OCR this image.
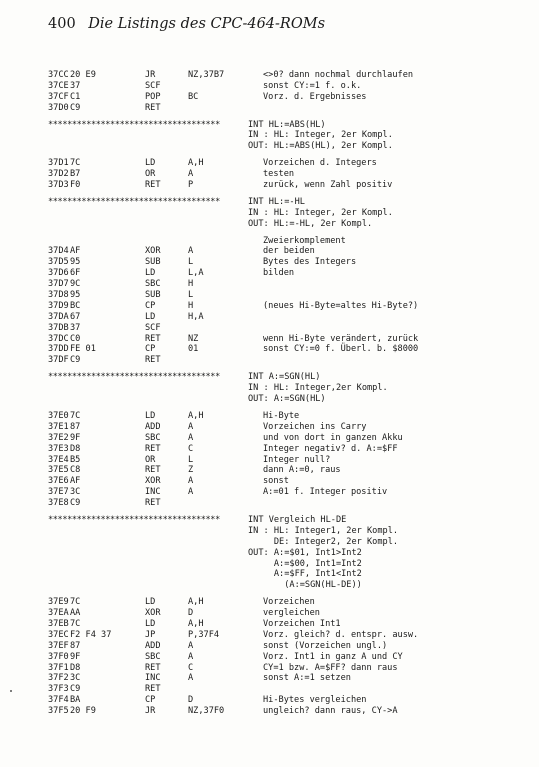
400 Die Listings des CPC-464-ROMs
37CC 20 E9	JR	NZ,37B7	<>0? dann nochmal durchlaufen
37CE 37	SCF	sonst CY:=1 f. o.k.
37CF C1	POP	BC	Vorz. d. Ergebnisses
37D0 C9	RET
************************************	INT HL:=ABS(HL)
IN : HL: Integer, 2er Kompl.
OUT: HL:=ABS(HL), 2er Kompl.
37D1 7C	LD	A,H	Vorzeichen d. Integers
37D2 B7	OR	A	testen
37D3 F0	RET	P	zurück, wenn Zahl positiv
************************************	INT HL:=-HL
IN : HL: Integer, 2er Kompl.
OUT: HL:=-HL, 2er Kompl.
Zweierkomplement
37D4 AF	XOR	A	der beiden
37D5 95	SUB	L	Bytes des Integers
37D6 6F	LD	L,A	bilden
37D7 9C	SBC	H
37D8 95	SUB	L
37D9 BC	CP	H	(neues Hi-Byte=altes Hi-Byte?)
37DA 67	LD	H,A
37DB 37	SCF
37DC C0	RET	NZ	wenn Hi-Byte verändert, zurück
37DD FE 01	CP	01	sonst CY:=0 f. Überl. b. $8000
37DF C9	RET
************************************	INT A:=SGN(HL)
IN : HL: Integer,2er Kompl.
OUT: A:=SGN(HL)
37E0 7C	LD	A,H	Hi-Byte
37E1 87	ADD	A	Vorzeichen ins Carry
37E2 9F	SBC	A	und von dort in ganzen Akku
37E3 D8	RET	C	Integer negativ? d. A:=$FF
37E4 B5	OR	L	Integer null?
37E5 C8	RET	Z	dann A:=0, raus
37E6 AF	XOR	A	sonst
37E7 3C	INC	A	A:=01 f. Integer positiv
37E8 C9	RET
************************************	INT Vergleich HL-DE
IN : HL: Integer1, 2er Kompl.
DE: Integer2, 2er Kompl.
OUT: A:=$01, Int1>Int2
A:=$00, Int1=Int2
A:=$FF, Int1<Int2
(A:=SGN(HL-DE))
37E9 7C	LD	A,H	Vorzeichen
37EA AA	XOR	D	vergleichen
37EB 7C	LD	A,H	Vorzeichen Int1
37EC F2 F4 37	JP	P,37F4	Vorz. gleich? d. entspr. ausw.
37EF 87	ADD	A	sonst (Vorzeichen ungl.)
37F0 9F	SBC	A	Vorz. Int1 in ganz A und CY
37F1 D8	RET	C	CY=1 bzw. A=$FF? dann raus
37F2 3C	INC	A	sonst A:=1 setzen
37F3 C9	RET
37F4 BA	CP	D	Hi-Bytes vergleichen
37F5 20 F9	JR	NZ,37F0	ungleich? dann raus, CY->A
